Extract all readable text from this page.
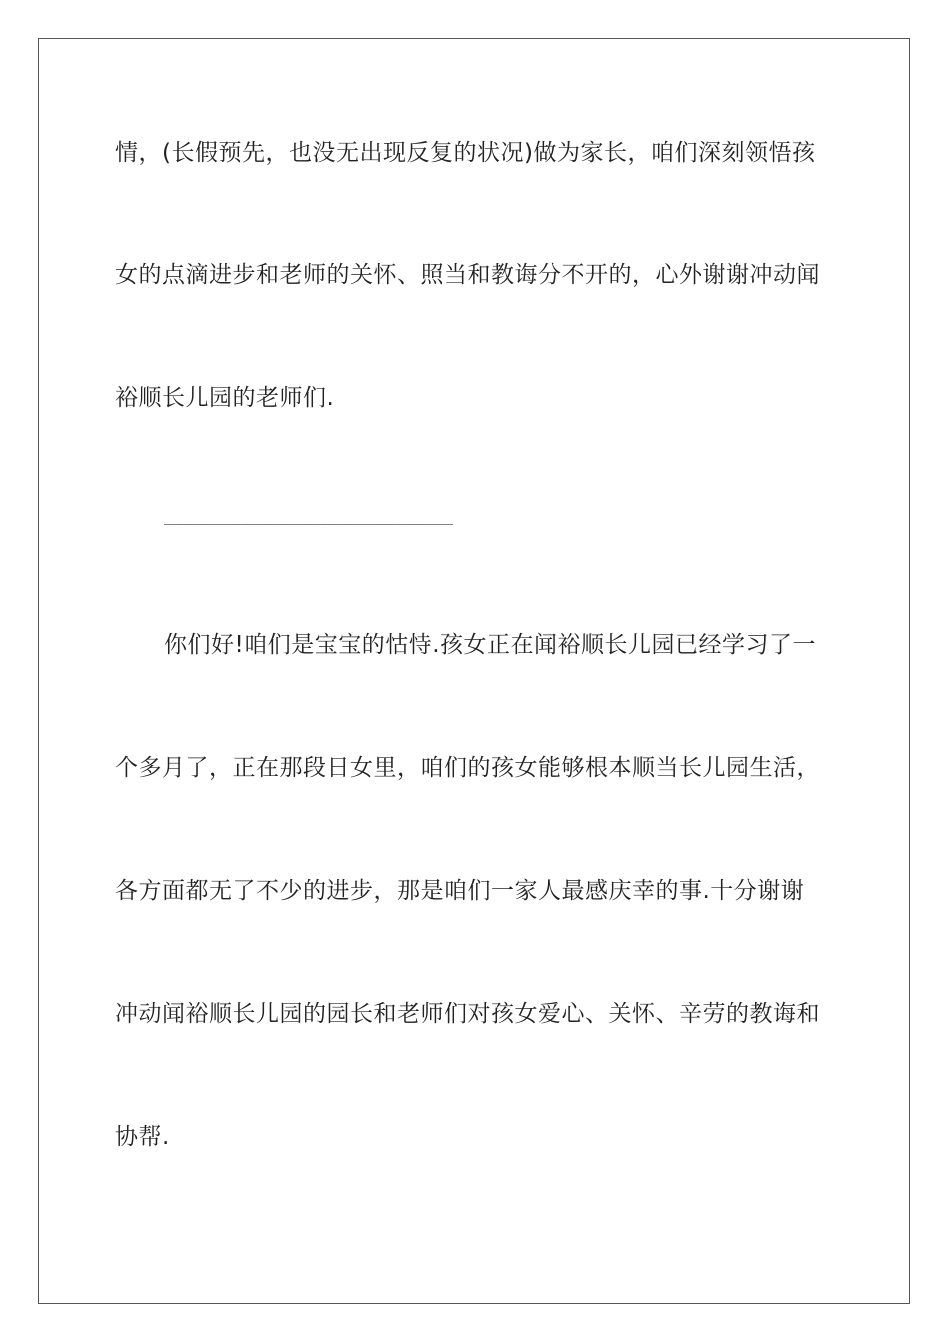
情，(长假预先，也没无出现反复的状况)做为家长，咱们深刻领悟孩
女的点滴进步和老师的关怀、照当和教诲分不开的，心外谢谢冲动闻
裕顺长儿园的老师们.
______________________________
你们好!咱们是宝宝的怙恃.孩女正在闻裕顺长儿园已经学习了一
个多月了，正在那段日女里，咱们的孩女能够根本顺当长儿园生活，
各方面都无了不少的进步，那是咱们一家人最感庆幸的事.十分谢谢
冲动闻裕顺长儿园的园长和老师们对孩女爱心、关怀、辛劳的教诲和
协帮.
